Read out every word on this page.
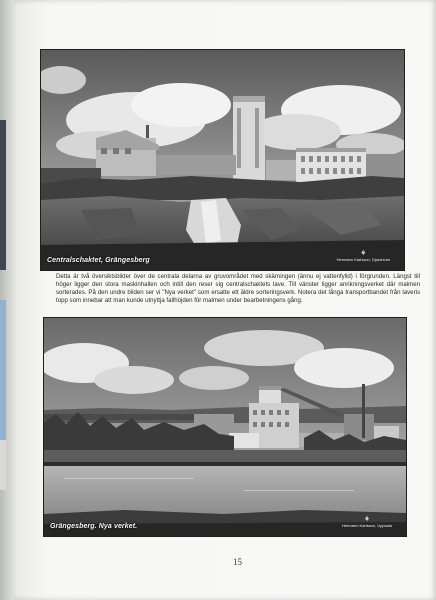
Centralschaktet, Grängesberg
⚘
Hermann Karlsson, Djursholm
Detta är två översiktsbilder över de centrala delarna av gruvområdet med skärningen (ännu ej vattenfylld) i förgrunden. Längst till höger ligger den stora maskinhallen och intill den reser sig centralschaktets lave. Till vänster ligger anrikningsverket där malmen sorterades. På den undre bilden ser vi "Nya verket" som ersatte ett äldre sorteringsverk. Notera det långa transportbandet från laveris topp som innebar att man kunde utnyttja fallhöjden för malmen under bearbetningens gång.
Grängesberg. Nya verket.
⚘
Hermann Karlsson, Uppsala
15
